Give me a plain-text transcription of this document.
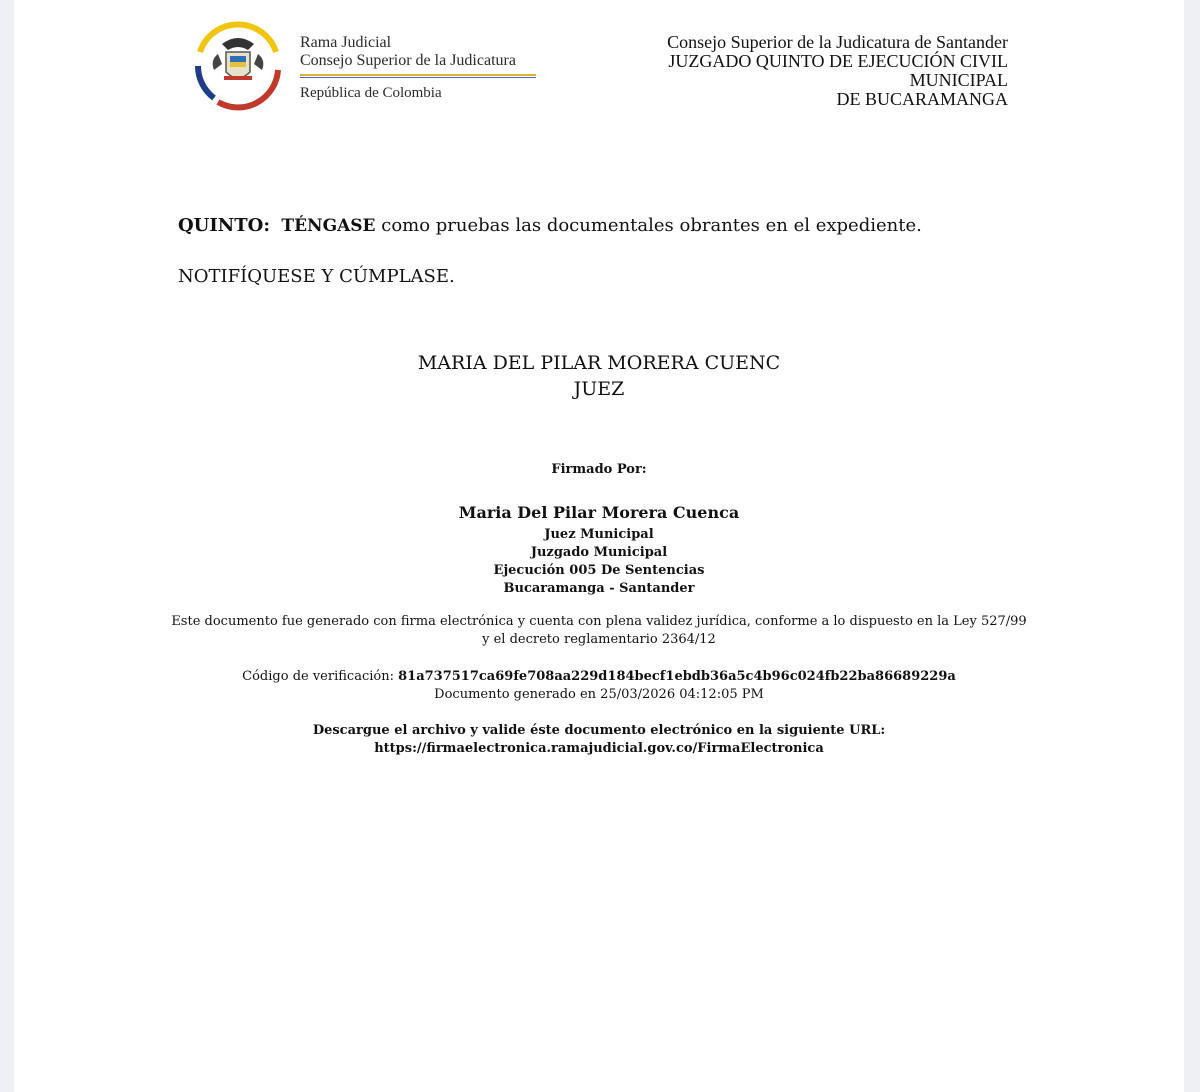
Rama Judicial
Consejo Superior de la Judicatura
República de Colombia
Consejo Superior de la Judicatura de Santander
JUZGADO QUINTO DE EJECUCIÓN CIVIL
MUNICIPAL
DE BUCARAMANGA
QUINTO: TÉNGASE como pruebas las documentales obrantes en el expediente.
NOTIFÍQUESE Y CÚMPLASE.
MARIA DEL PILAR MORERA CUENC
JUEZ
Firmado Por:
Maria Del Pilar Morera Cuenca
Juez Municipal
Juzgado Municipal
Ejecución 005 De Sentencias
Bucaramanga - Santander
Este documento fue generado con firma electrónica y cuenta con plena validez jurídica, conforme a lo dispuesto en la Ley 527/99
y el decreto reglamentario 2364/12
Código de verificación: 81a737517ca69fe708aa229d184becf1ebdb36a5c4b96c024fb22ba86689229a
Documento generado en 25/03/2026 04:12:05 PM
Descargue el archivo y valide éste documento electrónico en la siguiente URL:
https://firmaelectronica.ramajudicial.gov.co/FirmaElectronica
